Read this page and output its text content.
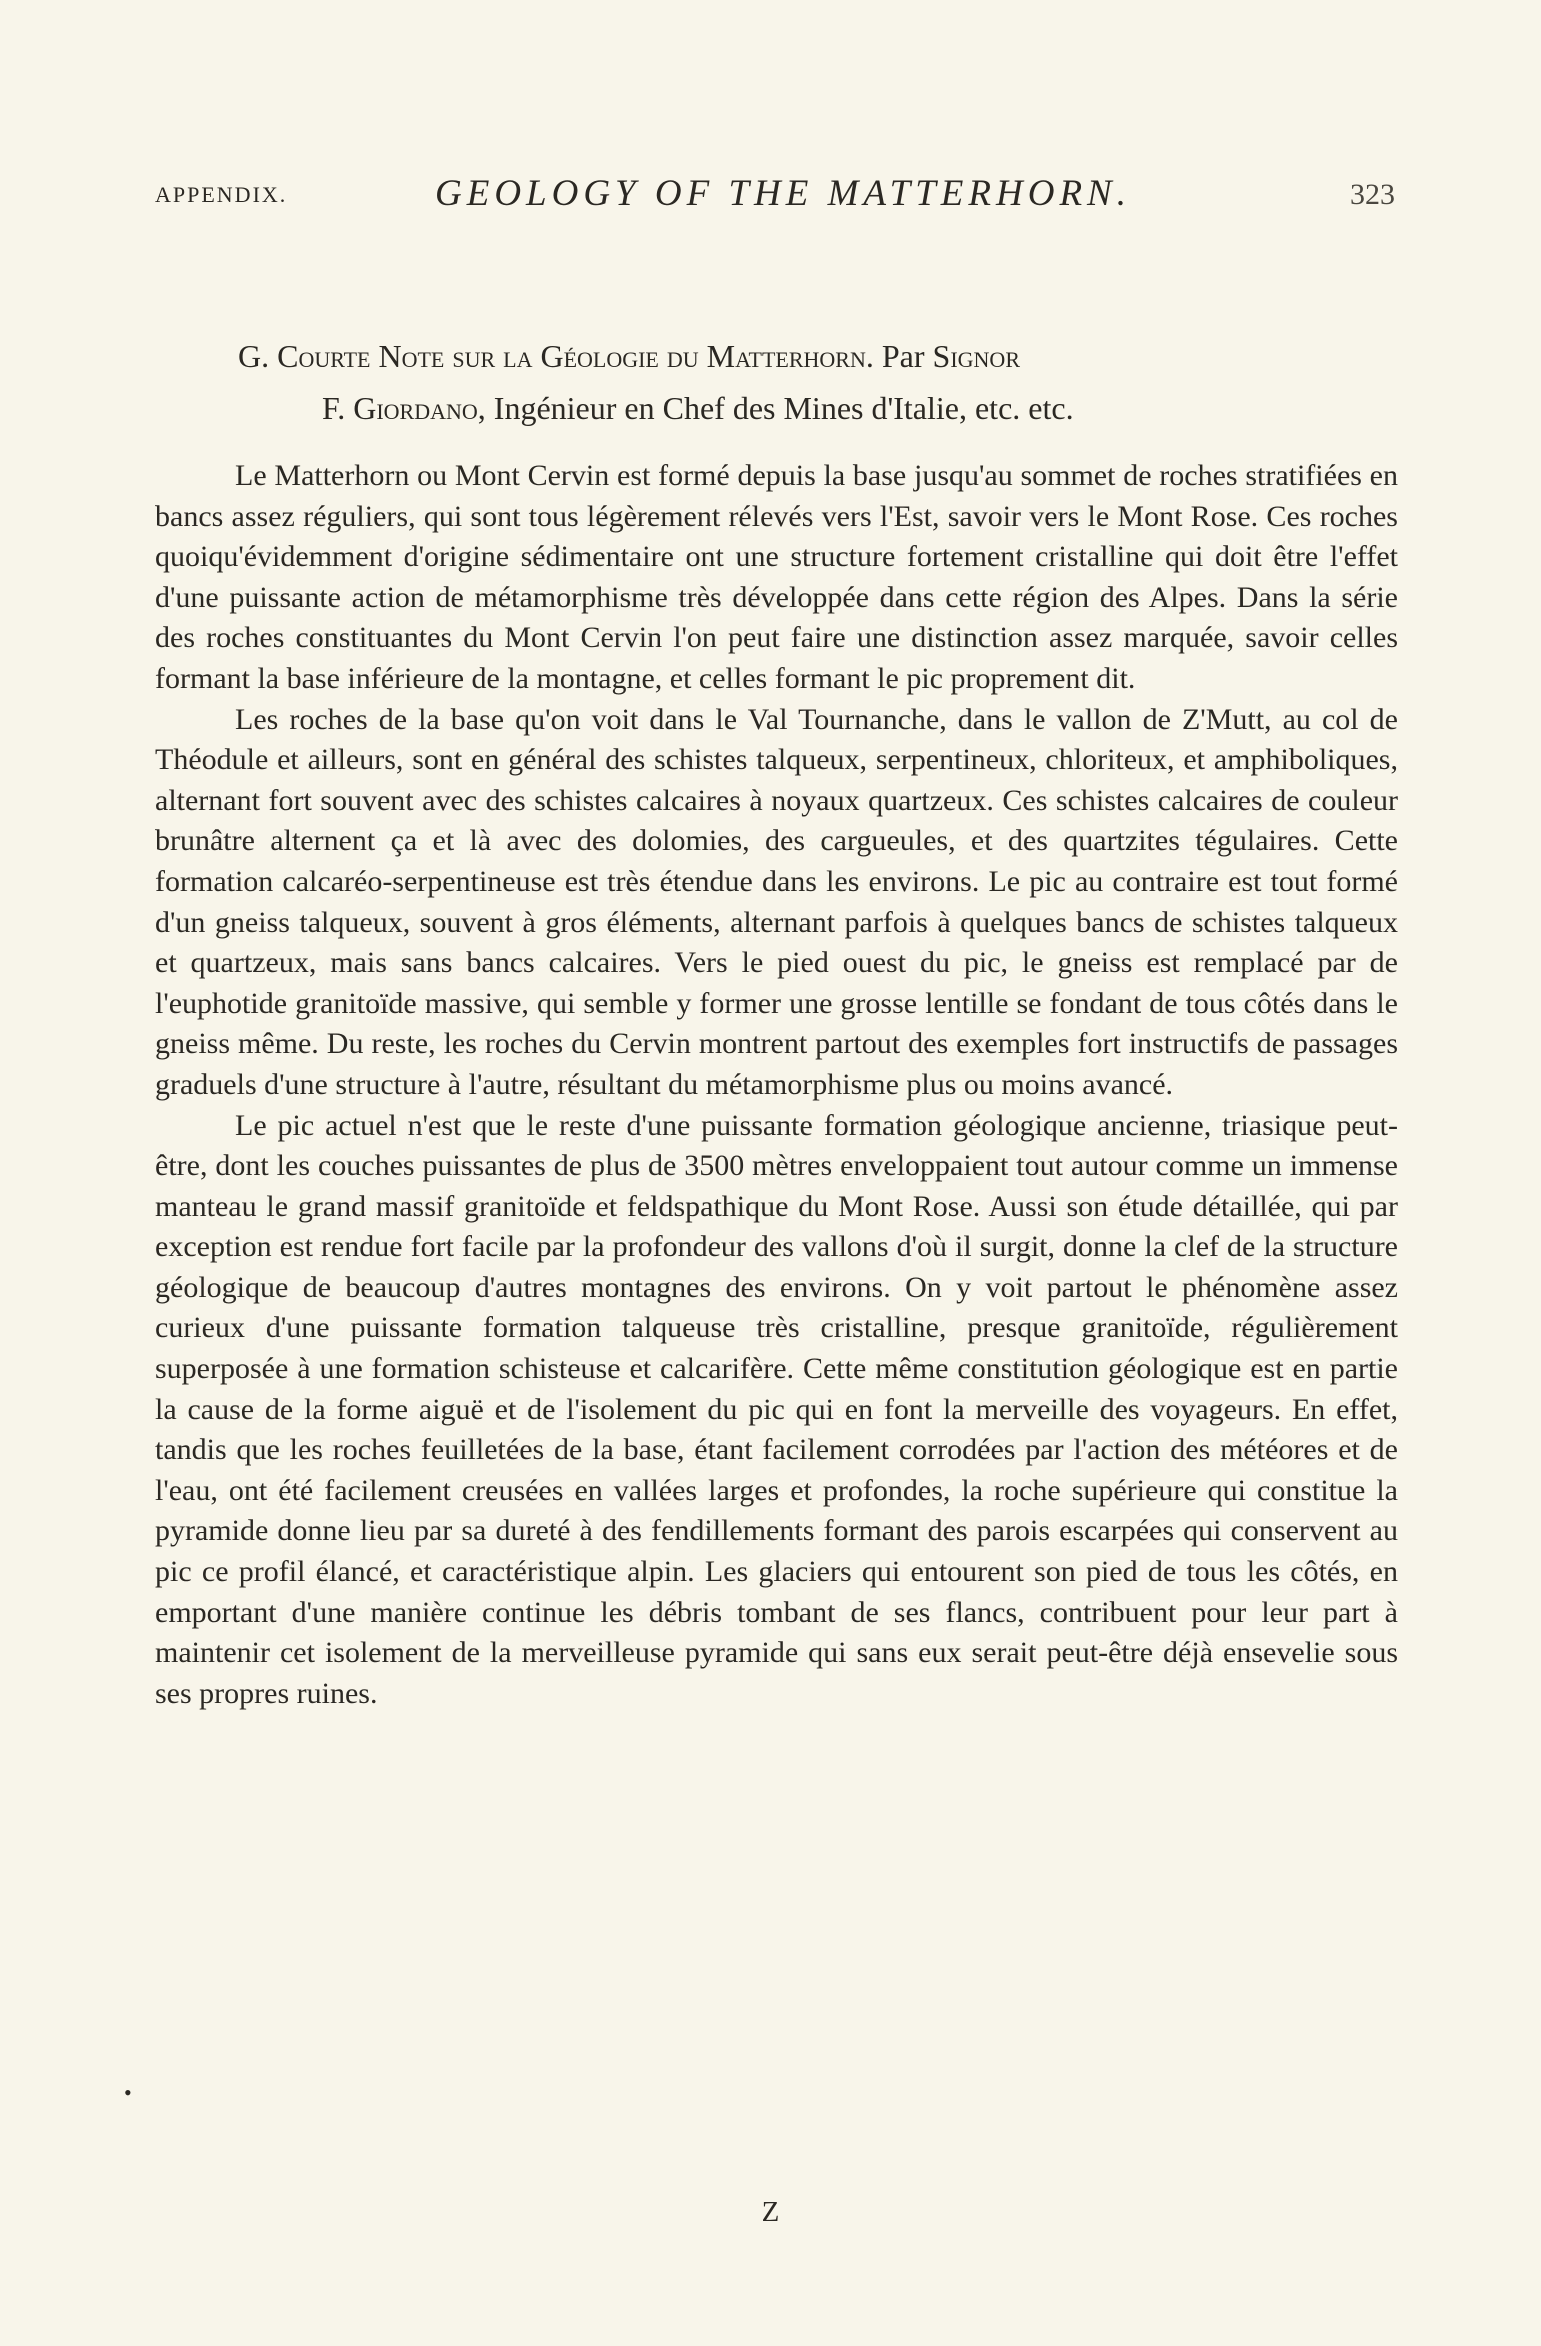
APPENDIX.	GEOLOGY OF THE MATTERHORN.	323
G. Courte Note sur la Géologie du Matterhorn. Par Signor
F. Giordano, Ingénieur en Chef des Mines d'Italie, etc. etc.

Le Matterhorn ou Mont Cervin est formé depuis la base jusqu'au sommet de roches stratifiées en bancs assez réguliers, qui sont tous légèrement rélevés vers l'Est, savoir vers le Mont Rose. Ces roches quoiqu'évidemment d'origine sédimentaire ont une structure fortement cristalline qui doit être l'effet d'une puissante action de métamorphisme très développée dans cette région des Alpes. Dans la série des roches constituantes du Mont Cervin l'on peut faire une distinction assez marquée, savoir celles formant la base inférieure de la montagne, et celles formant le pic proprement dit.

Les roches de la base qu'on voit dans le Val Tournanche, dans le vallon de Z'Mutt, au col de Théodule et ailleurs, sont en général des schistes talqueux, serpentineux, chloriteux, et amphiboliques, alternant fort souvent avec des schistes calcaires à noyaux quartzeux. Ces schistes calcaires de couleur brunâtre alternent ça et là avec des dolomies, des cargueules, et des quartzites tégulaires. Cette formation calcaréo-serpentineuse est très étendue dans les environs. Le pic au contraire est tout formé d'un gneiss talqueux, souvent à gros éléments, alternant parfois à quelques bancs de schistes talqueux et quartzeux, mais sans bancs calcaires. Vers le pied ouest du pic, le gneiss est remplacé par de l'euphotide granitoïde massive, qui semble y former une grosse lentille se fondant de tous côtés dans le gneiss même. Du reste, les roches du Cervin montrent partout des exemples fort instructifs de passages graduels d'une structure à l'autre, résultant du métamorphisme plus ou moins avancé.

Le pic actuel n'est que le reste d'une puissante formation géologique ancienne, triasique peut-être, dont les couches puissantes de plus de 3500 mètres enveloppaient tout autour comme un immense manteau le grand massif granitoïde et feldspathique du Mont Rose. Aussi son étude détaillée, qui par exception est rendue fort facile par la profondeur des vallons d'où il surgit, donne la clef de la structure géologique de beaucoup d'autres montagnes des environs. On y voit partout le phénomène assez curieux d'une puissante formation talqueuse très cristalline, presque granitoïde, régulièrement superposée à une formation schisteuse et calcarifère. Cette même constitution géologique est en partie la cause de la forme aiguë et de l'isolement du pic qui en font la merveille des voyageurs. En effet, tandis que les roches feuilletées de la base, étant facilement corrodées par l'action des météores et de l'eau, ont été facilement creusées en vallées larges et profondes, la roche supérieure qui constitue la pyramide donne lieu par sa dureté à des fendillements formant des parois escarpées qui conservent au pic ce profil élancé, et caractéristique alpin. Les glaciers qui entourent son pied de tous les côtés, en emportant d'une manière continue les débris tombant de ses flancs, contribuent pour leur part à maintenir cet isolement de la merveilleuse pyramide qui sans eux serait peut-être déjà ensevelie sous ses propres ruines.

•
Z
